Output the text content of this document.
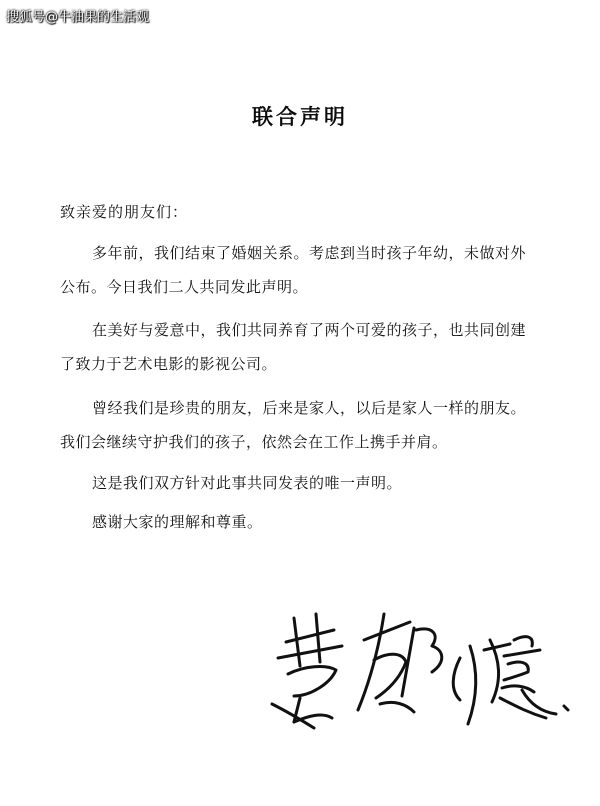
搜狐号@牛油果的生活观
联合声明
致亲爱的朋友们：

多年前，我们结束了婚姻关系。考虑到当时孩子年幼，未做对外公布。今日我们二人共同发此声明。

在美好与爱意中，我们共同养育了两个可爱的孩子，也共同创建了致力于艺术电影的影视公司。

曾经我们是珍贵的朋友，后来是家人，以后是家人一样的朋友。我们会继续守护我们的孩子，依然会在工作上携手并肩。

这是我们双方针对此事共同发表的唯一声明。

感谢大家的理解和尊重。
